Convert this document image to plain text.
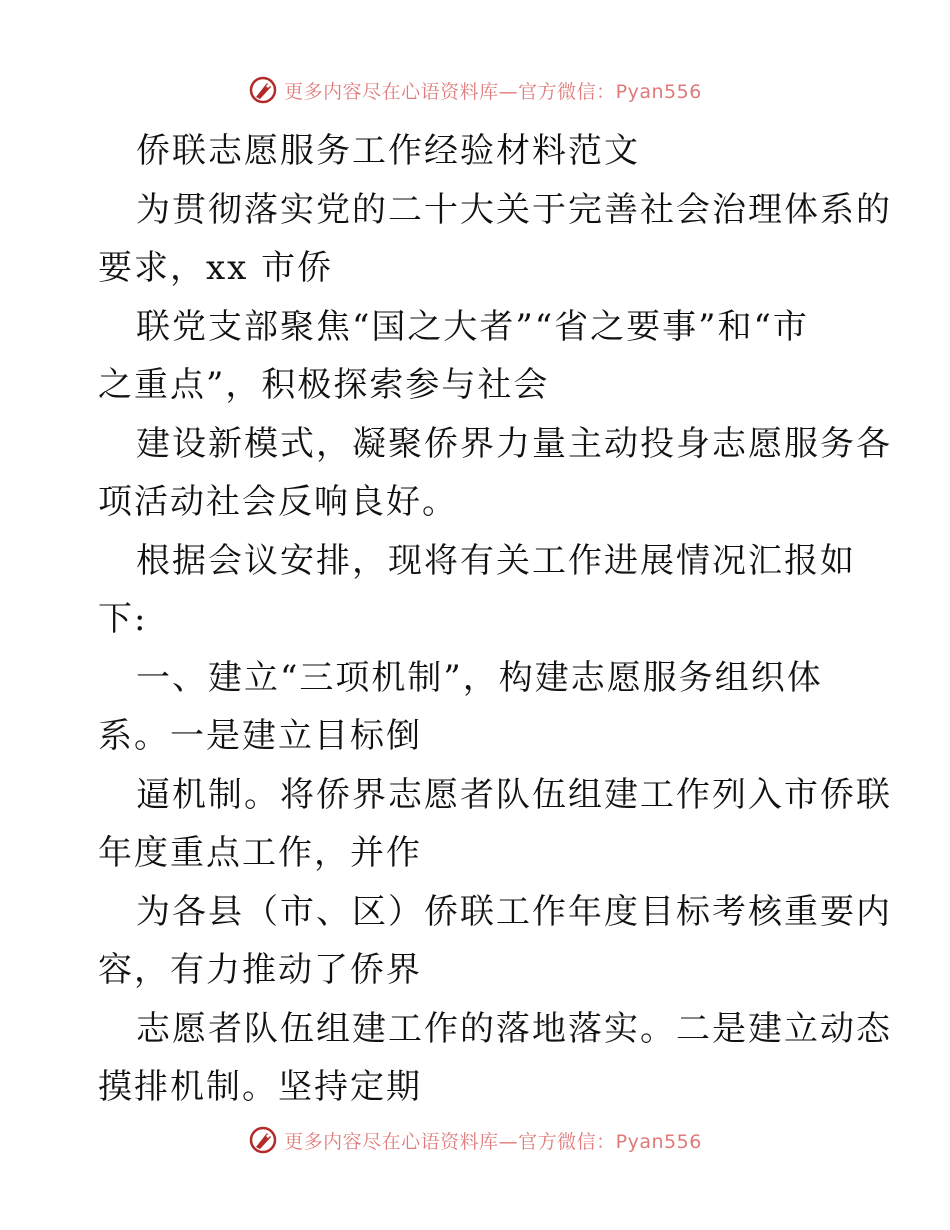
更多内容尽在心语资料库—官方微信：Pyan556
侨联志愿服务工作经验材料范文
为贯彻落实党的二十大关于完善社会治理体系的
要求，xx 市侨
联党支部聚焦“国之大者”“省之要事”和“市
之重点”，积极探索参与社会
建设新模式，凝聚侨界力量主动投身志愿服务各
项活动社会反响良好。
根据会议安排，现将有关工作进展情况汇报如
下:
一、建立“三项机制”，构建志愿服务组织体
系。一是建立目标倒
逼机制。将侨界志愿者队伍组建工作列入市侨联
年度重点工作，并作
为各县（市、区）侨联工作年度目标考核重要内
容，有力推动了侨界
志愿者队伍组建工作的落地落实。二是建立动态
摸排机制。坚持定期
更多内容尽在心语资料库—官方微信：Pyan556
